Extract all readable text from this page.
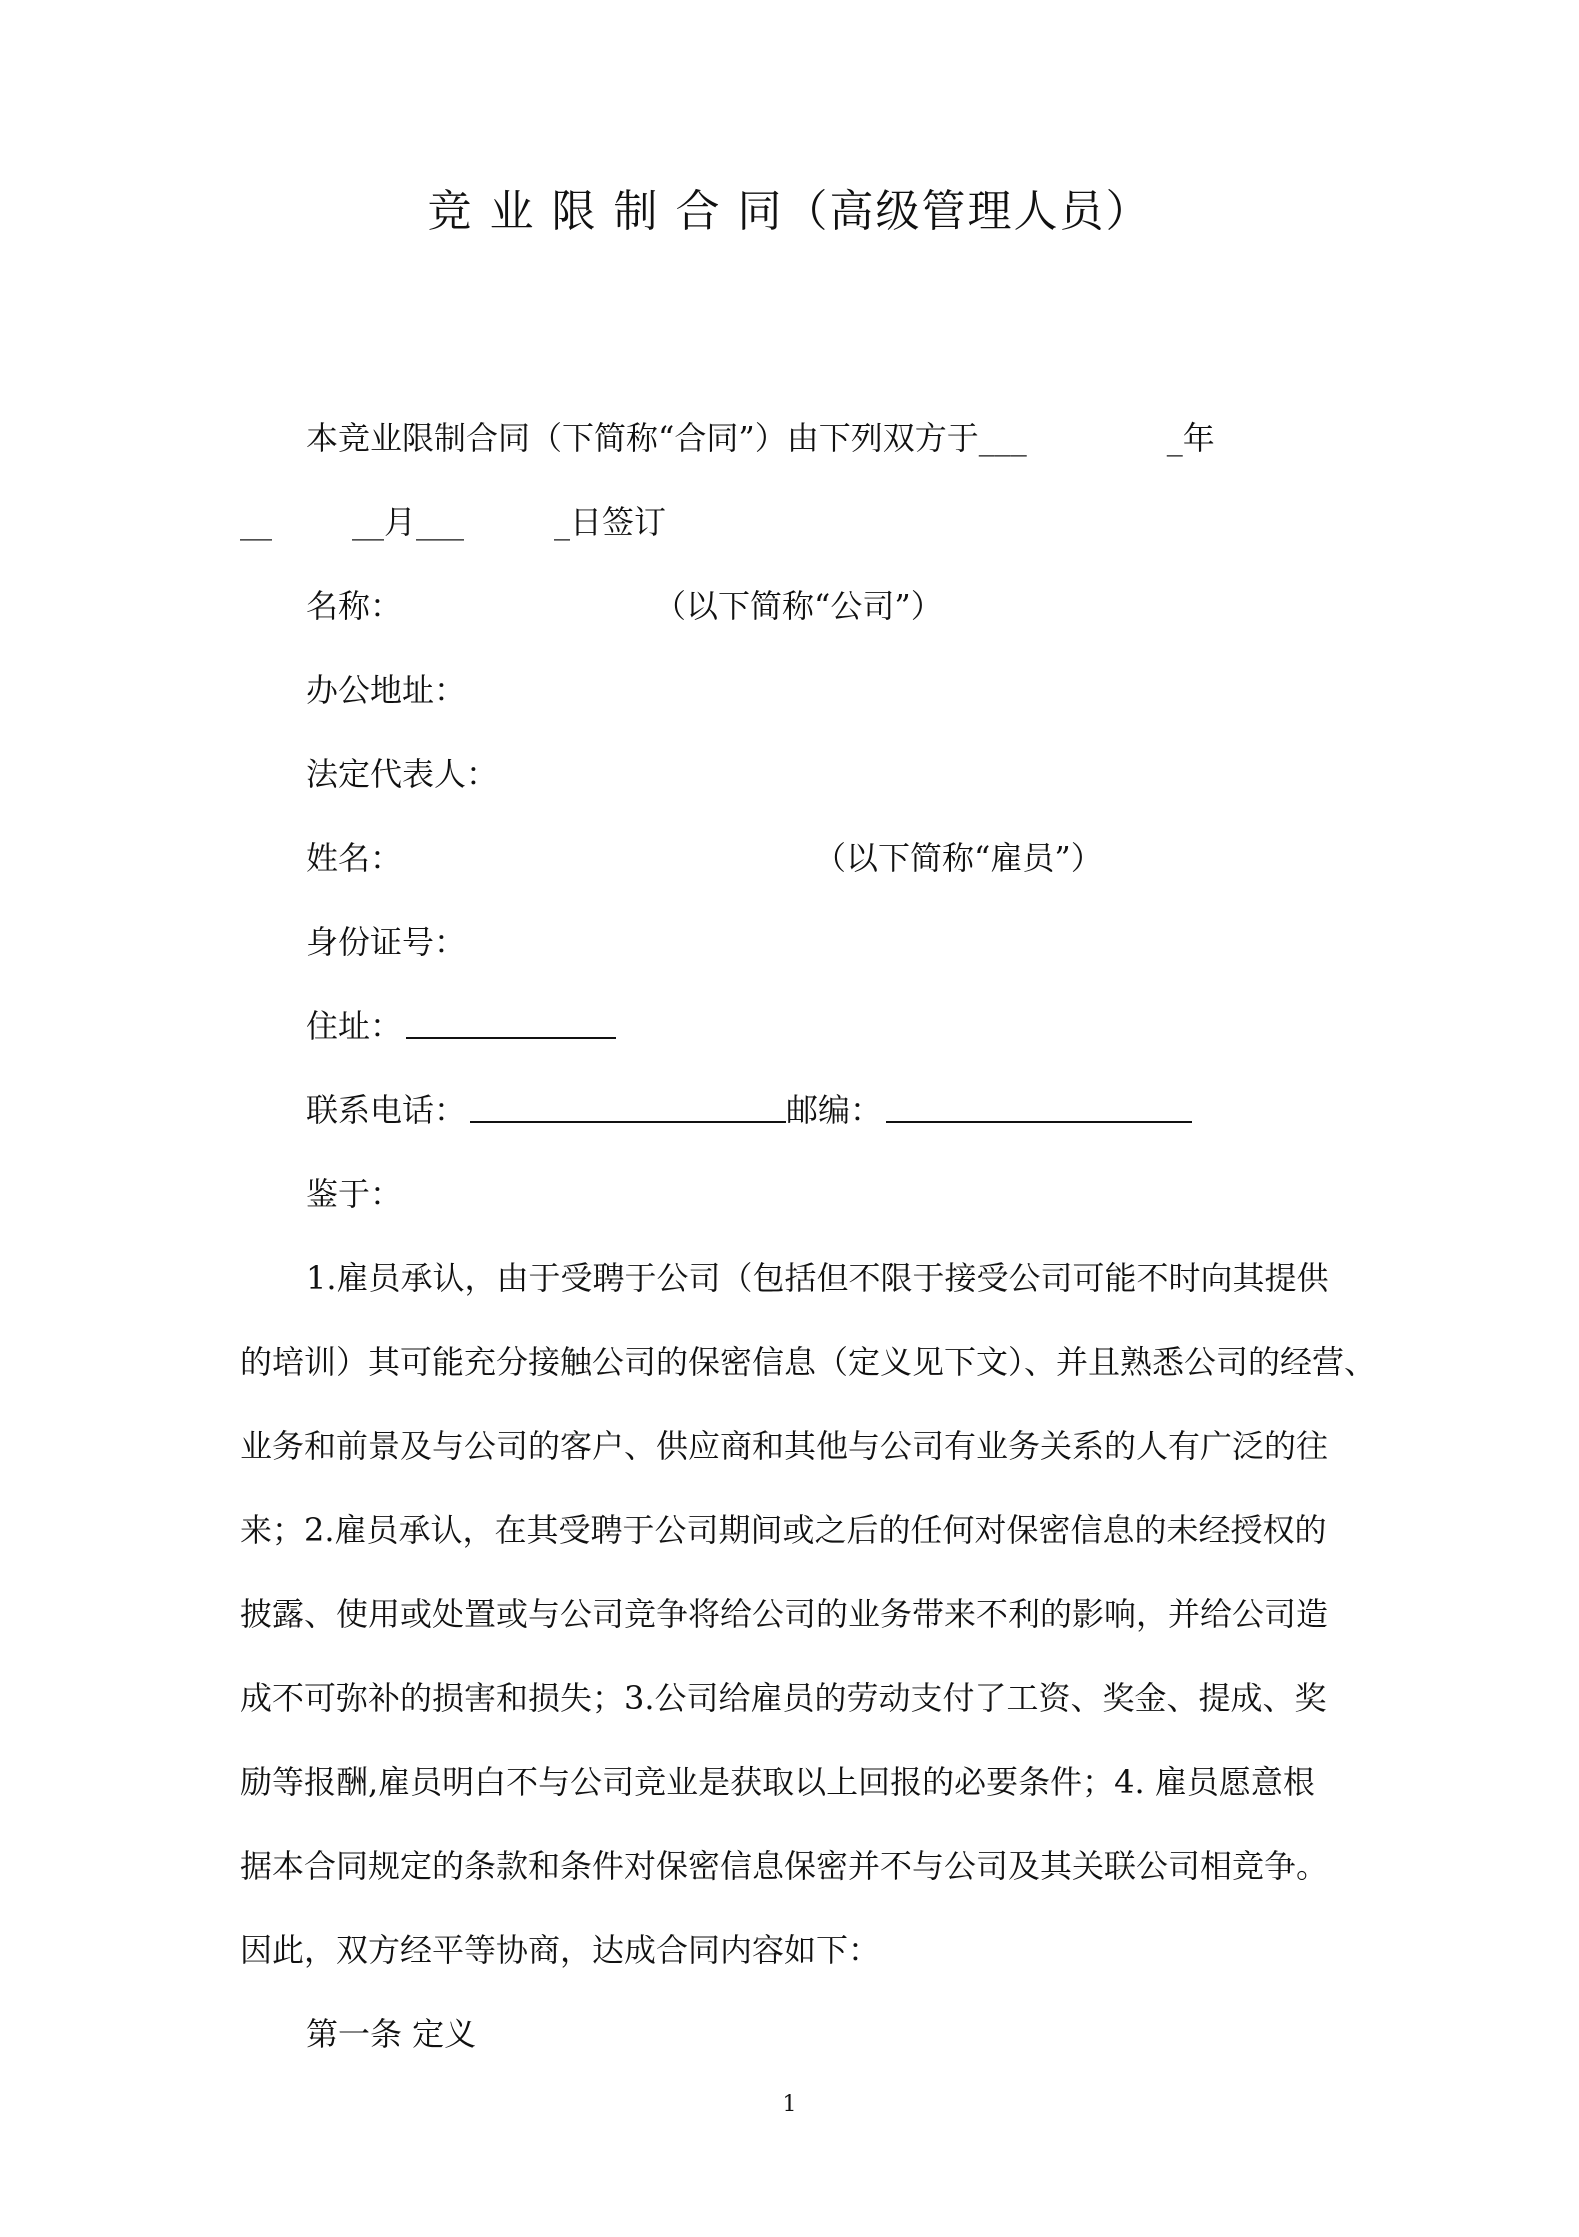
竞 业 限 制 合 同（高级管理人员）
本竞业限制合同（下简称“合同”）由下列双方于___	_年
__	__月___	_日签订
名称：	（以下简称“公司”）
办公地址：
法定代表人：
姓名：	（以下简称“雇员”）
身份证号：
住址：
联系电话：	邮编：
鉴于：
1.雇员承认，由于受聘于公司（包括但不限于接受公司可能不时向其提供
的培训）其可能充分接触公司的保密信息（定义见下文）、并且熟悉公司的经营、
业务和前景及与公司的客户、供应商和其他与公司有业务关系的人有广泛的往
来；2.雇员承认，在其受聘于公司期间或之后的任何对保密信息的未经授权的
披露、使用或处置或与公司竞争将给公司的业务带来不利的影响，并给公司造
成不可弥补的损害和损失；3.公司给雇员的劳动支付了工资、奖金、提成、奖
励等报酬,雇员明白不与公司竞业是获取以上回报的必要条件；4. 雇员愿意根
据本合同规定的条款和条件对保密信息保密并不与公司及其关联公司相竞争。
因此，双方经平等协商，达成合同内容如下：
第一条 定义
1
